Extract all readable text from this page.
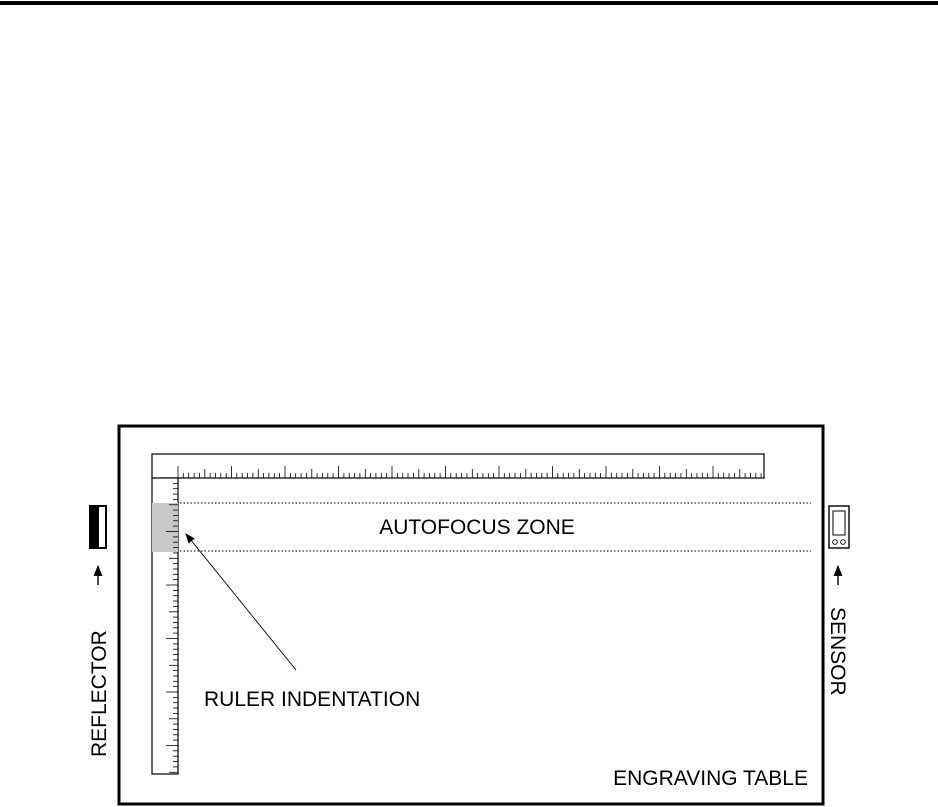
AUTOFOCUS ZONE
RULER INDENTATION
ENGRAVING TABLE
REFLECTOR	SENSOR
